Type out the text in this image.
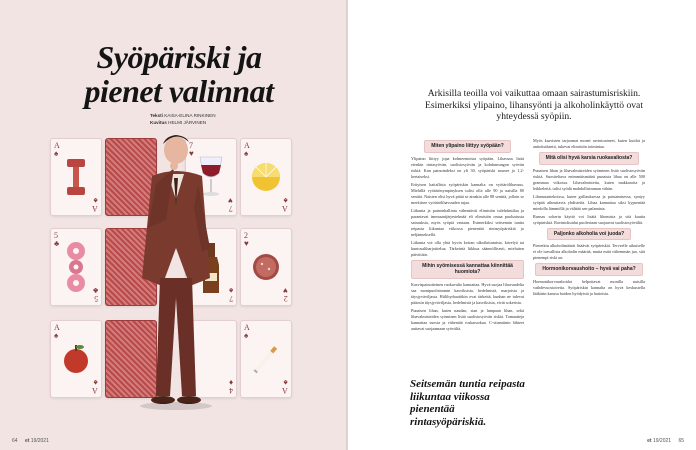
Syöpäriski ja
pienet valinnat
Teksti KAISA-ELINA RINKINEN
Kuvitus HELMI JÄRVINEN
A
♠
A
♠
7
♥
7
♥
A
♠
A
♠
5
♣
5
♣

7
♠
2
♥
2
♥
A
♠
A
♠

4
♦
A
♠
A
♠
64 et 19/2021
Arkisilla teoilla voi vaikuttaa omaan sairastumisriskiin. Esimerkiksi ylipaino, lihansyönti ja alkoholinkäyttö ovat yhteydessä syöpiin.
Miten ylipaino liittyy syöpään?

Ylipaino liittyy jopa kolmeentoista syöpään. Lihavuus lisää etenkin rintasyövän, suolistosyövän ja kohdunrungon syövän riskiä. Kun painoindeksi on yli 30, syöpäriski nousee jo 1,2-kertaiseksi.

Erityisen haitallista syöpäriskin kannalta on vyötärölihavuus. Miehillä vyötärönympäryksen tulisi olla alle 90 ja naisilla 80 senttiä. Naisten olisi hyvä pitää se ainakin alle 88 senttiä, jolloin se merkitsee vyötärölihavuuden rajaa.

Liikunta ja painonhallinta vähentävät elimistön tulehdustilaa ja parantavat immuunijärjestelmää eli elimistön omaa puolustusta sairauksia, myös syöpiä vastaan. Esimerkiksi seitsemän tuntia reipasta liikuntaa viikossa pienentää rintasyöpäriskiä jo neljänneksellä.

Liikunta voi olla yhtä hyvin koiran ulkoiluttamista, kävelyä tai kuntosaliharjoittelua. Tärkeintä liikkua säännöllisesti, mieluiten päivittäin.

Mihin syömisessä kannattaa kiinnittää huomiota?

Kasvispainotteinen ruokavalio kannattaa. Hyvä suojaa lihavuudelta saa monipuolisimmin kasviksista, hedelmistä, marjoista ja täysjyväviljasta. Hiilihydraatitkin ovat tärkeitä, kunhan ne tulevat pääosin täysjyväviljasta, hedelmistä ja kasviksista, eivät sokerista.

Punaisen lihan, kuten naudan, sian ja lampaan lihan, sekä lihavalmisteiden syöminen lisää suolistosyövän riskiä. Tomaatteja kannattaa suosia ja vähentää roskaruokaa. C-vitamiinin lähteet auttavat suojaamaan syövältä.

Seitsemän tuntia reipasta liikuntaa viikossa pienentää rintasyöpäriskiä.

Myös kasvisten tarjoamat monet ravintoaineet, kuten kuidut ja antioksidantit, tukevat elimistön toimintaa.

Mitä olisi hyvä karsia ruokavaliosta?

Punaisen lihan ja lihavalmisteiden syöminen lisää suolistosyövän riskiä. Suositeltava enimmäismäärä punaista lihaa on alle 500 grammaa viikossa. Lihavalmisteita, kuten makkaroita ja leikkeleitä, tulisi syödä mahdollisimman vähän.

Liharuuantekoissa, kuten grillauksessa ja paistamisessa, syntyy syöpää aiheuttavia yhdisteitä. Lihaa kannattaa siksi kypsentää miedolla lämmöllä ja välttää sen palamista.

Runsas sokerin käyttö voi lisätä lihomista ja sitä kautta syöpäriskiä. Ravintokuidut puolestaan suojaavat suolistosyövältä.

Paljonko alkoholia voi juoda?

Pienetkin alkoholimäärät lisäävät syöpäriskiä. Terveelle aikuiselle ei ole turvallista alkoholin määrää, mutta mitä vähemmän juo, sitä pienempi riski on.

Hormonikorvaushoito – hyvä vai paha?

Hormonikorvaushoidot helpottavat monilla naisilla vaihdevuosioireita. Syöpäriskin kannalta on hyvä keskustella lääkärin kanssa hoidon hyödyistä ja haitoista.

et 19/2021 65
